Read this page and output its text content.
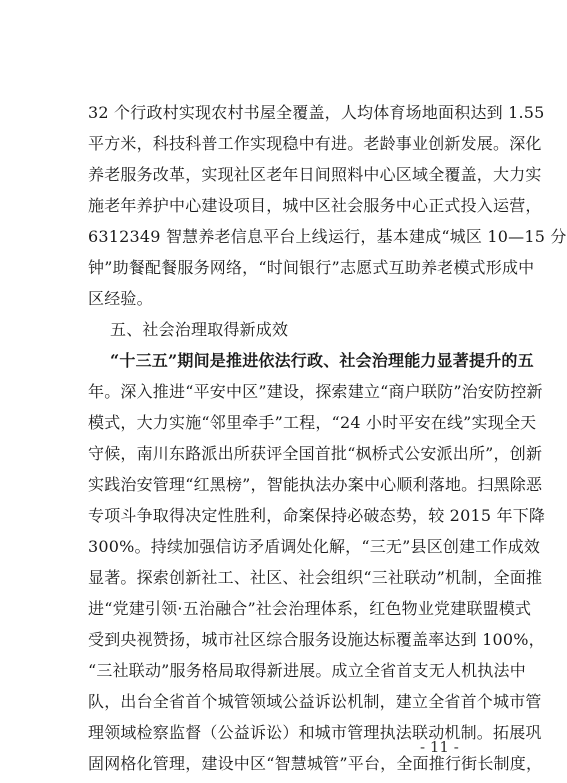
32 个行政村实现农村书屋全覆盖，人均体育场地面积达到 1.55

平方米，科技科普工作实现稳中有进。老龄事业创新发展。深化

养老服务改革，实现社区老年日间照料中心区域全覆盖，大力实

施老年养护中心建设项目，城中区社会服务中心正式投入运营，

6312349 智慧养老信息平台上线运行，基本建成“城区 10—15 分

钟”助餐配餐服务网络，“时间银行”志愿式互助养老模式形成中

区经验。

五、社会治理取得新成效

“十三五”期间是推进依法行政、社会治理能力显著提升的五

年。深入推进“平安中区”建设，探索建立“商户联防”治安防控新

模式，大力实施“邻里牵手”工程，“24 小时平安在线”实现全天

守候，南川东路派出所获评全国首批“枫桥式公安派出所”，创新

实践治安管理“红黑榜”，智能执法办案中心顺利落地。扫黑除恶

专项斗争取得决定性胜利，命案保持必破态势，较 2015 年下降

300%。持续加强信访矛盾调处化解，“三无”县区创建工作成效

显著。探索创新社工、社区、社会组织“三社联动”机制，全面推

进“党建引领·五治融合”社会治理体系，红色物业党建联盟模式

受到央视赞扬，城市社区综合服务设施达标覆盖率达到 100%，

“三社联动”服务格局取得新进展。成立全省首支无人机执法中

队，出台全省首个城管领域公益诉讼机制，建立全省首个城市管

理领域检察监督（公益诉讼）和城市管理执法联动机制。拓展巩

固网格化管理，建设中区“智慧城管”平台，全面推行街长制度，

- 11 -
